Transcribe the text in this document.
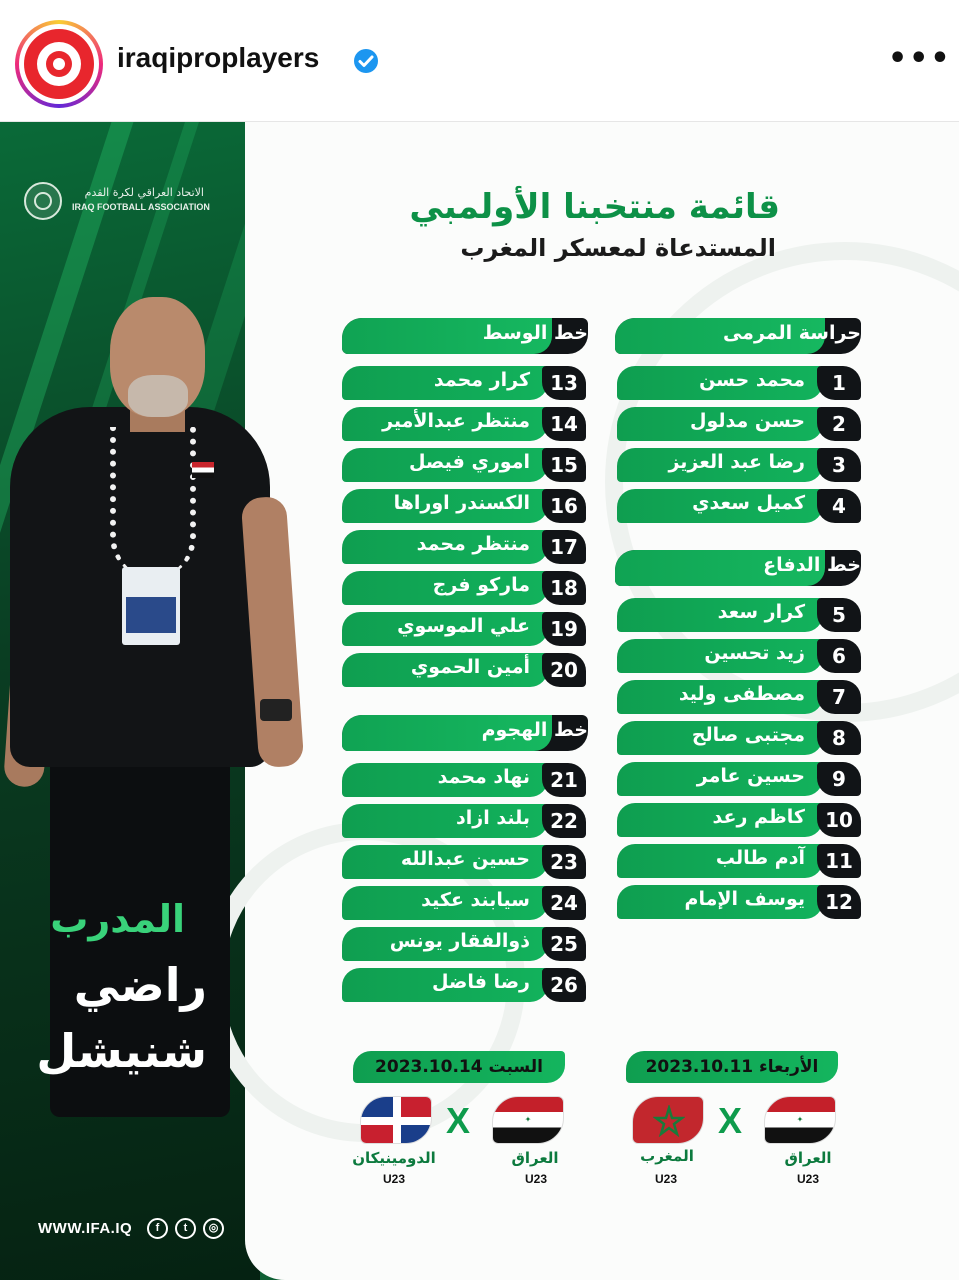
iraqiproplayers	•••
الاتحاد العراقي لكرة القدم
IRAQ FOOTBALL ASSOCIATION
المدرب
راضي
شنيشل
قائمة منتخبنا الأولمبي
المستدعاة لمعسكر المغرب
حراسة المرمى
خط الوسط
خط الدفاع
خط الهجوم
1
محمد حسن
2
حسن مدلول
3
رضا عبد العزيز
4
كميل سعدي
5
كرار سعد
6
زيد تحسين
7
مصطفى وليد
8
مجتبى صالح
9
حسين عامر
10
كاظم رعد
11
آدم طالب
12
يوسف الإمام
13
كرار محمد
14
منتظر عبدالأمير
15
اموري فيصل
16
الكسندر اوراها
17
منتظر محمد
18
ماركو فرج
19
علي الموسوي
20
أمين الحموي
21
نهاد محمد
22
بلند ازاد
23
حسين عبدالله
24
سيابند عكيد
25
ذوالفقار يونس
26
رضا فاضل
الأربعاء 2023.10.11
✦
X
العراق
المغرب
U23
U23
السبت 2023.10.14
✦
X
العراق
الدومينيكان
U23
U23
WWW.IFA.IQ	f	t	◎
